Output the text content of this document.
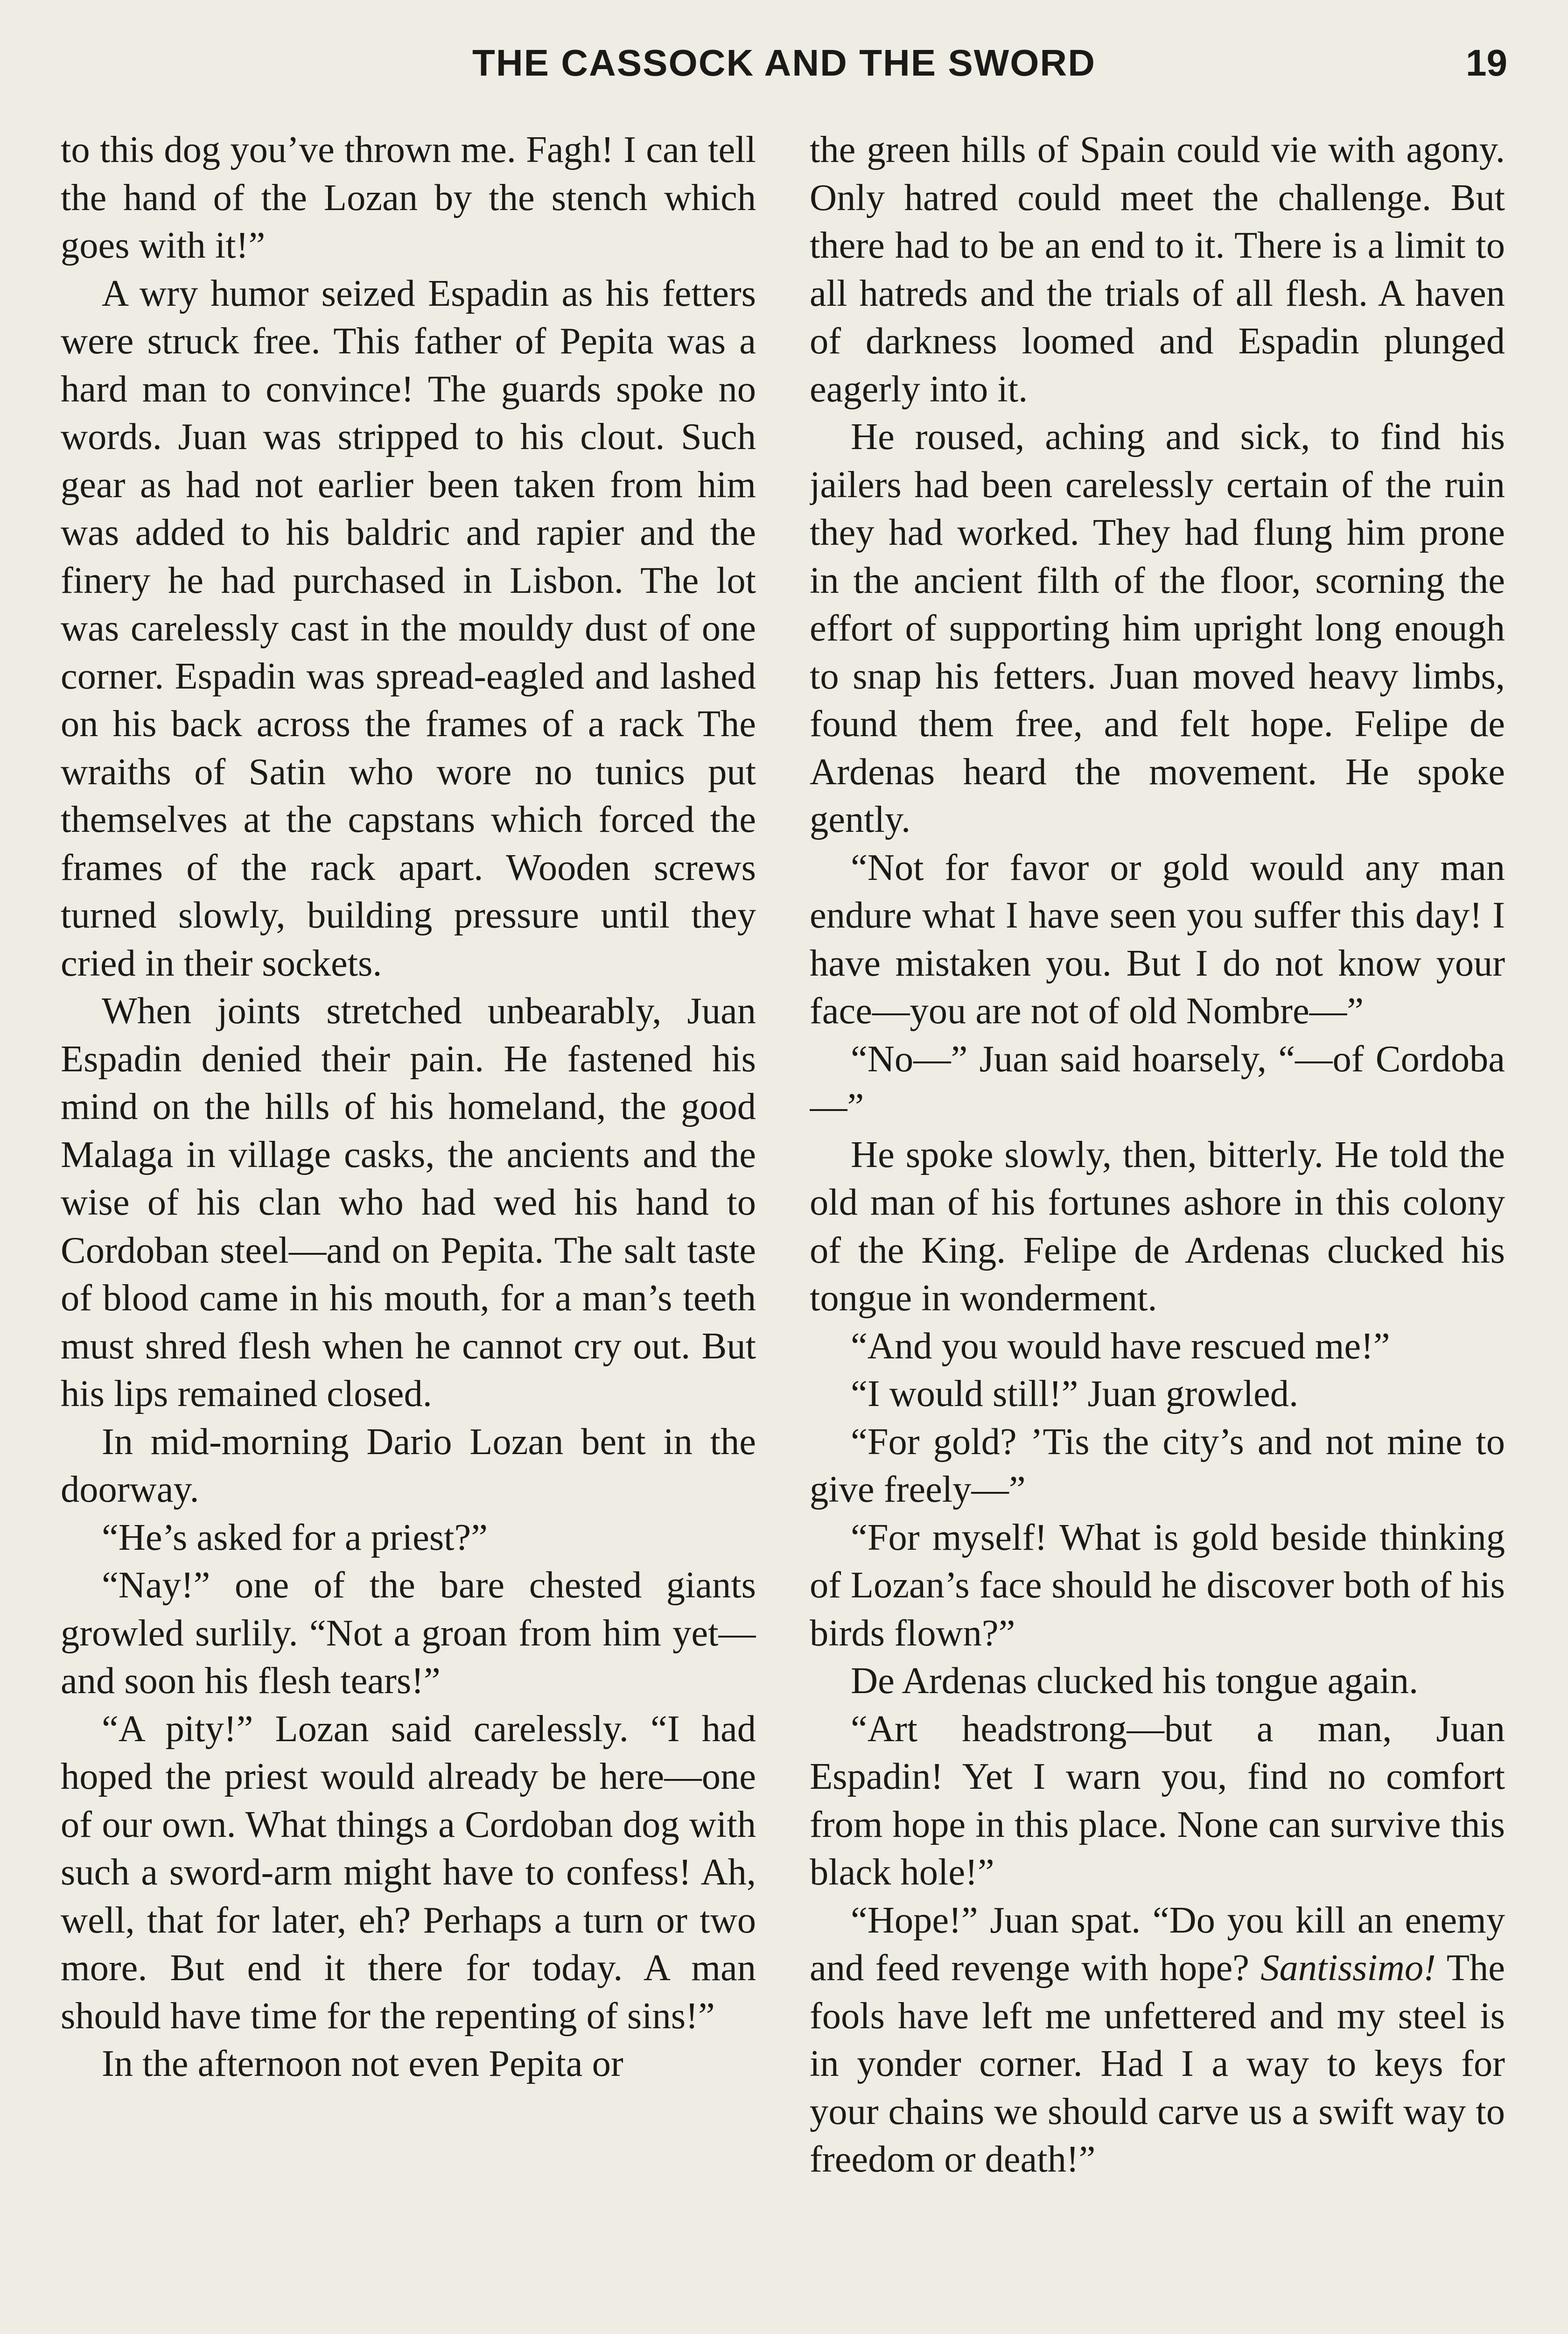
THE CASSOCK AND THE SWORD	19

to this dog you’ve thrown me. Fagh! I can tell the hand of the Lozan by the stench which goes with it!”

A wry humor seized Espadin as his fetters were struck free. This father of Pepita was a hard man to convince! The guards spoke no words. Juan was stripped to his clout. Such gear as had not earlier been taken from him was added to his baldric and rapier and the finery he had purchased in Lisbon. The lot was carelessly cast in the mouldy dust of one corner. Espadin was spread-eagled and lashed on his back across the frames of a rack The wraiths of Satin who wore no tunics put themselves at the capstans which forced the frames of the rack apart. Wooden screws turned slowly, building pressure until they cried in their sockets.

When joints stretched unbearably, Juan Espadin denied their pain. He fastened his mind on the hills of his homeland, the good Malaga in village casks, the ancients and the wise of his clan who had wed his hand to Cordoban steel—and on Pepita. The salt taste of blood came in his mouth, for a man’s teeth must shred flesh when he cannot cry out. But his lips remained closed.

In mid-morning Dario Lozan bent in the doorway.

“He’s asked for a priest?”

“Nay!” one of the bare chested giants growled surlily. “Not a groan from him yet—and soon his flesh tears!”

“A pity!” Lozan said carelessly. “I had hoped the priest would already be here—one of our own. What things a Cordoban dog with such a sword-arm might have to confess! Ah, well, that for later, eh? Perhaps a turn or two more. But end it there for today. A man should have time for the repenting of sins!”

In the afternoon not even Pepita or

the green hills of Spain could vie with agony. Only hatred could meet the challenge. But there had to be an end to it. There is a limit to all hatreds and the trials of all flesh. A haven of darkness loomed and Espadin plunged eagerly into it.

He roused, aching and sick, to find his jailers had been carelessly certain of the ruin they had worked. They had flung him prone in the ancient filth of the floor, scorning the effort of supporting him upright long enough to snap his fetters. Juan moved heavy limbs, found them free, and felt hope. Felipe de Ardenas heard the movement. He spoke gently.

“Not for favor or gold would any man endure what I have seen you suffer this day! I have mistaken you. But I do not know your face—you are not of old Nombre—”

“No—” Juan said hoarsely, “—of Cordoba—”

He spoke slowly, then, bitterly. He told the old man of his fortunes ashore in this colony of the King. Felipe de Ardenas clucked his tongue in wonderment.

“And you would have rescued me!”

“I would still!” Juan growled.

“For gold? ’Tis the city’s and not mine to give freely—”

“For myself! What is gold beside thinking of Lozan’s face should he discover both of his birds flown?”

De Ardenas clucked his tongue again.

“Art headstrong—but a man, Juan Espadin! Yet I warn you, find no comfort from hope in this place. None can survive this black hole!”

“Hope!” Juan spat. “Do you kill an enemy and feed revenge with hope? Santissimo! The fools have left me unfettered and my steel is in yonder corner. Had I a way to keys for your chains we should carve us a swift way to freedom or death!”
